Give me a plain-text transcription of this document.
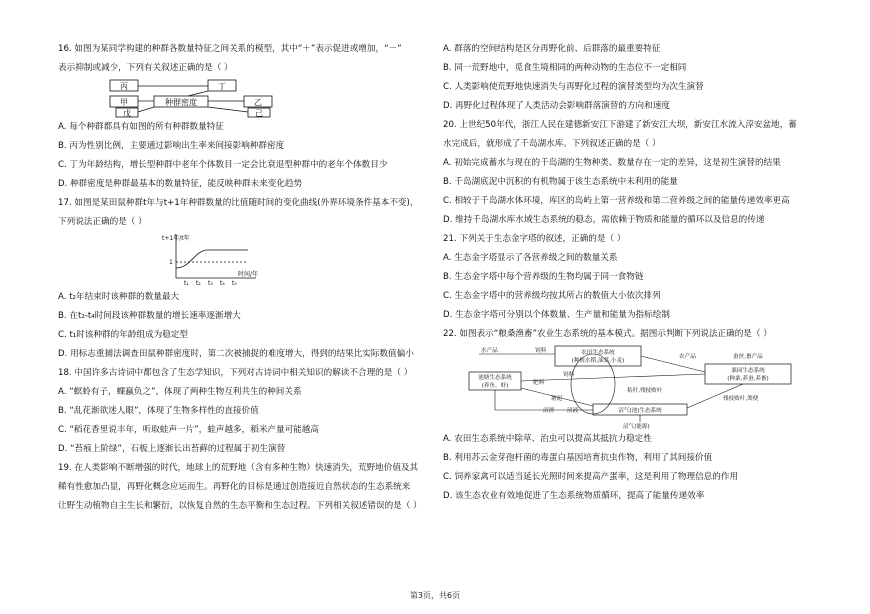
16. 如图为某同学构建的种群各数量特征之间关系的模型，其中“＋”表示促进或增加，“－”
表示抑制或减少，下列有关叙述正确的是（ ）
丙	丁
甲	种群密度	乙
戊	己
A. 每个种群都具有如图的所有种群数量特征
B. 丙为性别比例，主要通过影响出生率来间接影响种群密度
C. 丁为年龄结构，增长型种群中老年个体数目一定会比衰退型种群中的老年个体数目少
D. 种群密度是种群最基本的数量特征，能反映种群未来变化趋势
17. 如图是某田鼠种群t年与t+1年种群数量的比值随时间的变化曲线(外界环境条件基本不变)，
下列说法正确的是（ ）
t+1年/t年
1
t₁ t₂ t₃ t₄ t₅
时间/年
A. t₂年结束时该种群的数量最大
B. 在t₂-t₄时间段该种群数量的增长速率逐渐增大
C. t₁时该种群的年龄组成为稳定型
D. 用标志重捕法调查田鼠种群密度时，第二次被捕捉的难度增大，得到的结果比实际数值偏小
18. 中国许多古诗词中都包含了生态学知识，下列对古诗词中相关知识的解读不合理的是（ ）
A. “螟蛉有子，蜾蠃负之”，体现了两种生物互利共生的种间关系
B. “乱花渐欲迷人眼”，体现了生物多样性的直接价值
C. “稻花香里说丰年，听取蛙声一片”，蛙声越多，稻米产量可能越高
D. “苔痕上阶绿”，石板上逐渐长出苔藓的过程属于初生演替
19. 在人类影响不断增强的时代，地球上的荒野地（含有多种生物）快速消失，荒野地价值及其
稀有性愈加凸显，再野化概念应运而生。再野化的目标是通过创造接近自然状态的生态系统来
让野生动植物自主生长和繁衍，以恢复自然的生态平衡和生态过程。下列相关叙述错误的是（ ）
A. 群落的空间结构是区分再野化前、后群落的最重要特征
B. 同一荒野地中，觅食生境相同的两种动物的生态位不一定相同
C. 人类影响使荒野地快速消失与再野化过程的演替类型均为次生演替
D. 再野化过程体现了人类活动会影响群落演替的方向和速度
20. 上世纪50年代，浙江人民在建德新安江下游建了新安江大坝，新安江水流入淳安盆地，蓄
水完成后，就形成了千岛湖水库。下列叙述正确的是（ ）
A. 初始完成蓄水与现在的千岛湖的生物种类、数量存在一定的差异，这是初生演替的结果
B. 千岛湖底泥中沉积的有机物属于该生态系统中未利用的能量
C. 相较于千岛湖水体环境，库区的岛屿上第一营养级和第二营养级之间的能量传递效率更高
D. 维持千岛湖水库水域生态系统的稳态，需依赖于物质和能量的循环以及信息的传递
21. 下列关于生态金字塔的叙述，正确的是（ ）
A. 生态金字塔显示了各营养级之间的数量关系
B. 生态金字塔中每个营养级的生物均属于同一食物链
C. 生态金字塔中的营养级均按其所占的数值大小依次排列
D. 生态金字塔可分别以个体数量、生产量和能量为指标绘制
22. 如图表示“粮桑渔畜”农业生态系统的基本模式。据图示判断下列说法正确的是（ ）
水产品	饲料	农田生态系统
(种植水稻,油菜,小麦)
农产品	蚕丝,畜产品
桑园生态系统
(种桑,养蚕,养畜)
池塘生态系统
(养鱼、虾)	肥料
饲料
塘泥
秸秆,残枝败叶
残枝败叶,粪便
沼渣 沼液	沼气(池)生态系统
沼气(能源)
A. 农田生态系统中除草、治虫可以提高其抵抗力稳定性
B. 利用苏云金芽孢杆菌的毒蛋白基因培育抗虫作物，利用了其间接价值
C. 饲养家禽可以适当延长光照时间来提高产蛋率，这是利用了物理信息的作用
D. 该生态农业有效地促进了生态系统物质循环，提高了能量传递效率
第3页，共6页
